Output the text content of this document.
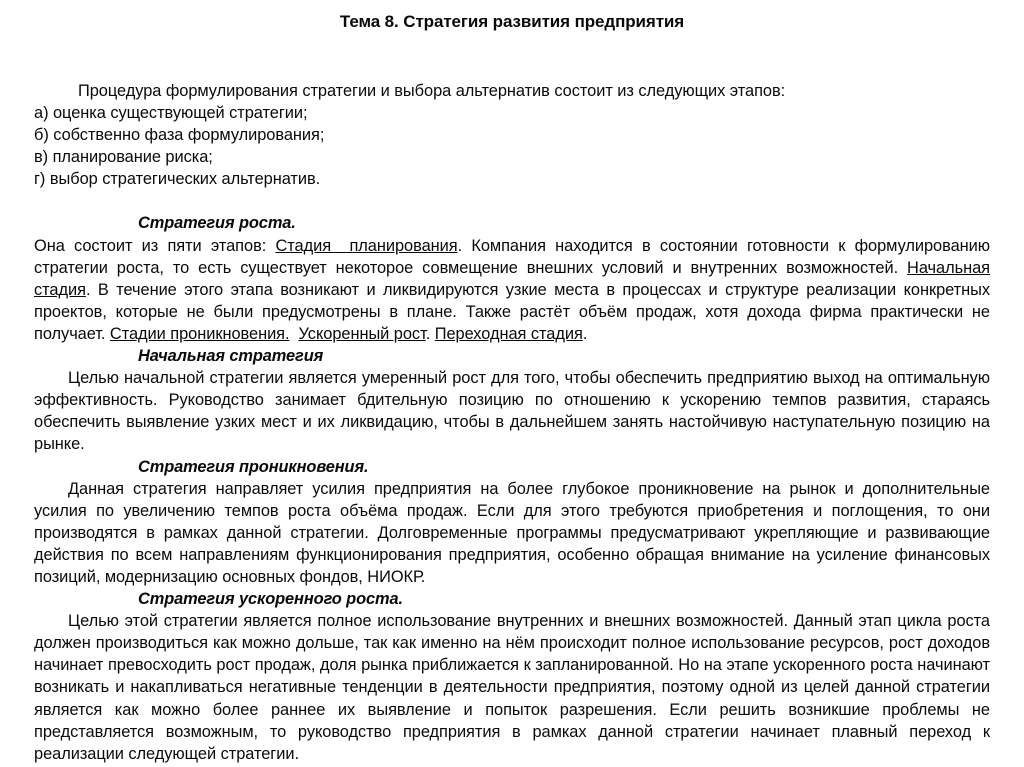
Тема 8. Стратегия развития предприятия

Процедура формулирования стратегии и выбора альтернатив состоит из следующих этапов:

а) оценка существующей стратегии;

б) собственно фаза формулирования;

в) планирование риска;

г) выбор стратегических альтернатив.

Стратегия роста.

Она состоит из пяти этапов: Стадия  планирования. Компания находится в состоянии готовности к формулированию стратегии роста, то есть существует некоторое совмещение внешних условий и внутренних возможностей. Начальная стадия. В течение этого этапа возникают и ликвидируются узкие места в процессах и структуре реализации конкретных проектов, которые не были предусмотрены в плане. Также растёт объём продаж, хотя дохода фирма практически не получает. Стадии проникновения. Ускоренный рост. Переходная стадия.

Начальная стратегия

Целью начальной стратегии является умеренный рост для того, чтобы обеспечить предприятию выход на оптимальную эффективность. Руководство занимает бдительную позицию по отношению к ускорению темпов развития, стараясь обеспечить выявление узких мест и их ликвидацию, чтобы в дальнейшем занять настойчивую наступательную позицию на рынке.

Стратегия проникновения.

Данная стратегия направляет усилия предприятия на более глубокое проникновение на рынок и дополнительные усилия по увеличению темпов роста объёма продаж. Если для этого требуются приобретения и поглощения, то они производятся в рамках данной стратегии. Долговременные программы предусматривают укрепляющие и развивающие действия по всем направлениям функционирования предприятия, особенно обращая внимание на усиление финансовых позиций, модернизацию основных фондов, НИОКР.

Стратегия ускоренного роста.

Целью этой стратегии является полное использование внутренних и внешних возможностей. Данный этап цикла роста должен производиться как можно дольше, так как именно на нём происходит полное использование ресурсов, рост доходов начинает превосходить рост продаж, доля рынка приближается к запланированной. Но на этапе ускоренного роста начинают возникать и накапливаться негативные тенденции в деятельности предприятия, поэтому одной из целей данной стратегии является как можно более раннее их выявление и попыток разрешения. Если решить возникшие проблемы не представляется возможным, то руководство предприятия в рамках данной стратегии начинает плавный переход к реализации следующей стратегии.
